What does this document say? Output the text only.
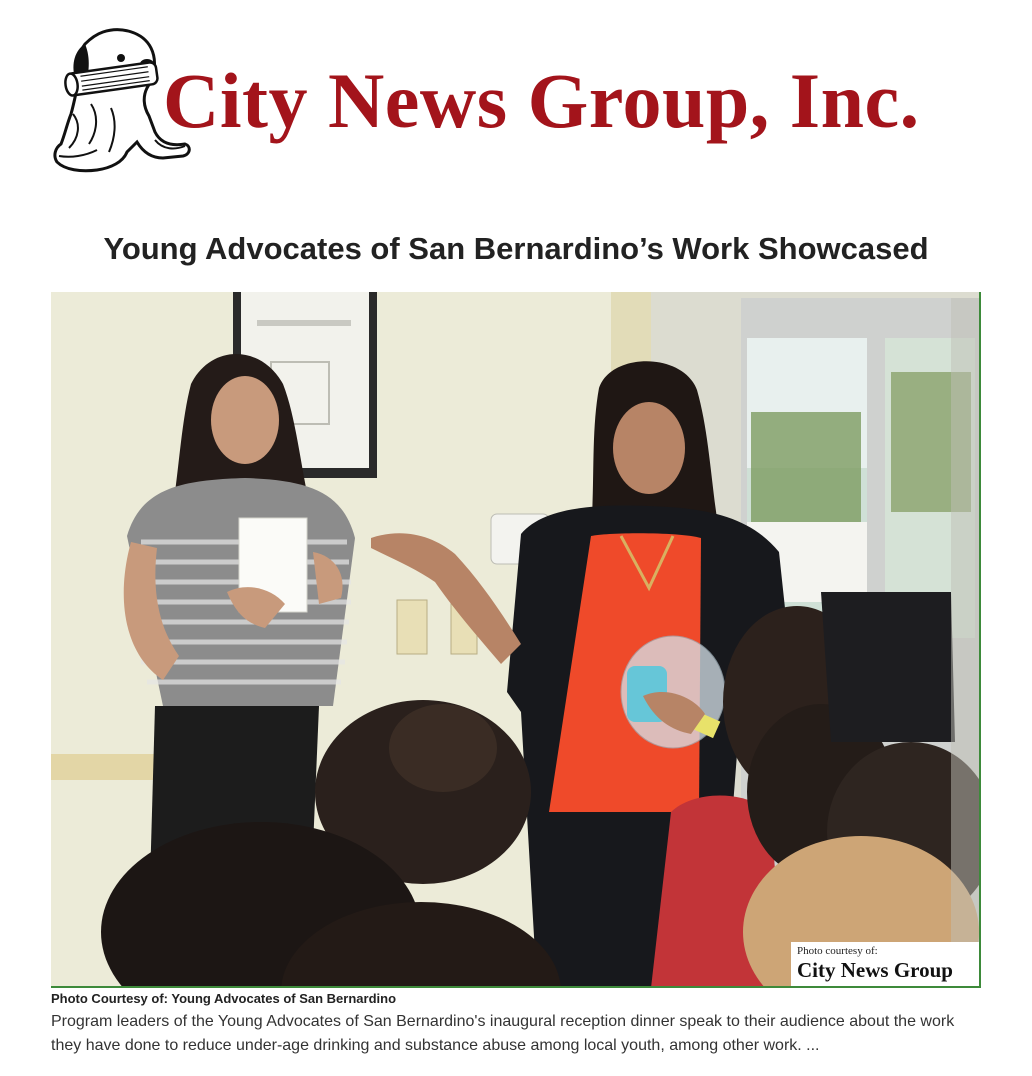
City News Group, Inc.
Young Advocates of San Bernardino’s Work Showcased
Photo courtesy of:
City News Group
Photo Courtesy of: Young Advocates of San Bernardino

Program leaders of the Young Advocates of San Bernardino's inaugural reception dinner speak to their audience about the work they have done to reduce under-age drinking and substance abuse among local youth, among other work. ...
